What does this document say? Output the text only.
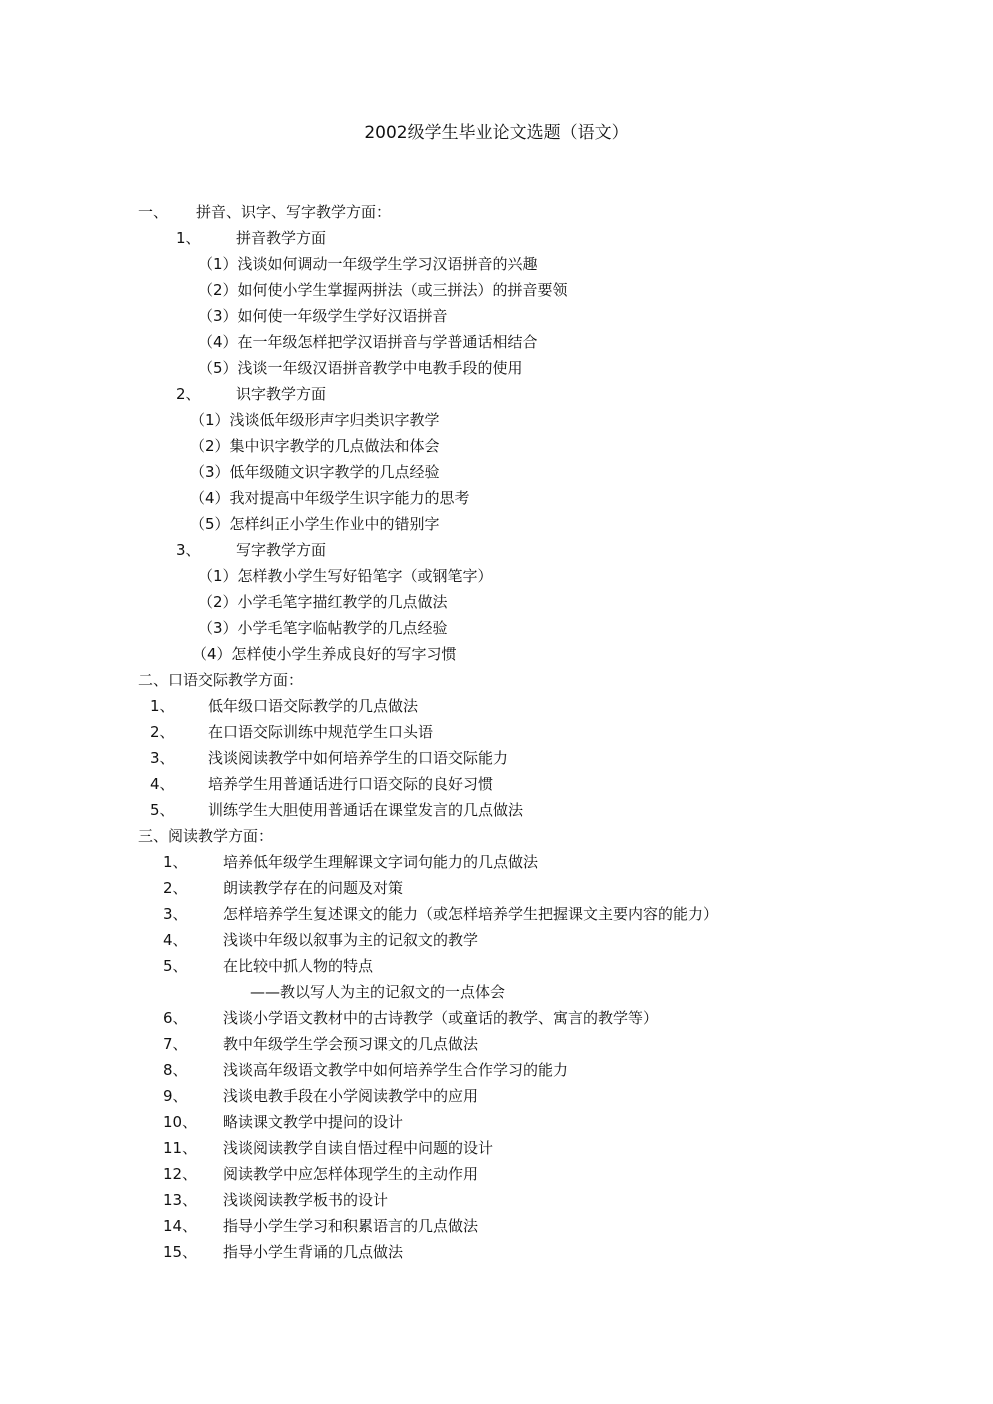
2002级学生毕业论文选题（语文）
一、 拼音、识字、写字教学方面：
1、 拼音教学方面
（1）浅谈如何调动一年级学生学习汉语拼音的兴趣
（2）如何使小学生掌握两拼法（或三拼法）的拼音要领
（3）如何使一年级学生学好汉语拼音
（4）在一年级怎样把学汉语拼音与学普通话相结合
（5）浅谈一年级汉语拼音教学中电教手段的使用
2、 识字教学方面
（1）浅谈低年级形声字归类识字教学
（2）集中识字教学的几点做法和体会
（3）低年级随文识字教学的几点经验
（4）我对提高中年级学生识字能力的思考
（5）怎样纠正小学生作业中的错别字
3、 写字教学方面
（1）怎样教小学生写好铅笔字（或钢笔字）
（2）小学毛笔字描红教学的几点做法
（3）小学毛笔字临帖教学的几点经验
（4）怎样使小学生养成良好的写字习惯
二、口语交际教学方面：
1、 低年级口语交际教学的几点做法
2、 在口语交际训练中规范学生口头语
3、 浅谈阅读教学中如何培养学生的口语交际能力
4、 培养学生用普通话进行口语交际的良好习惯
5、 训练学生大胆使用普通话在课堂发言的几点做法
三、阅读教学方面：
1、 培养低年级学生理解课文字词句能力的几点做法
2、 朗读教学存在的问题及对策
3、 怎样培养学生复述课文的能力（或怎样培养学生把握课文主要内容的能力）
4、 浅谈中年级以叙事为主的记叙文的教学
5、 在比较中抓人物的特点
——教以写人为主的记叙文的一点体会
6、 浅谈小学语文教材中的古诗教学（或童话的教学、寓言的教学等）
7、 教中年级学生学会预习课文的几点做法
8、 浅谈高年级语文教学中如何培养学生合作学习的能力
9、 浅谈电教手段在小学阅读教学中的应用
10、 略读课文教学中提问的设计
11、 浅谈阅读教学自读自悟过程中问题的设计
12、 阅读教学中应怎样体现学生的主动作用
13、 浅谈阅读教学板书的设计
14、 指导小学生学习和积累语言的几点做法
15、 指导小学生背诵的几点做法
